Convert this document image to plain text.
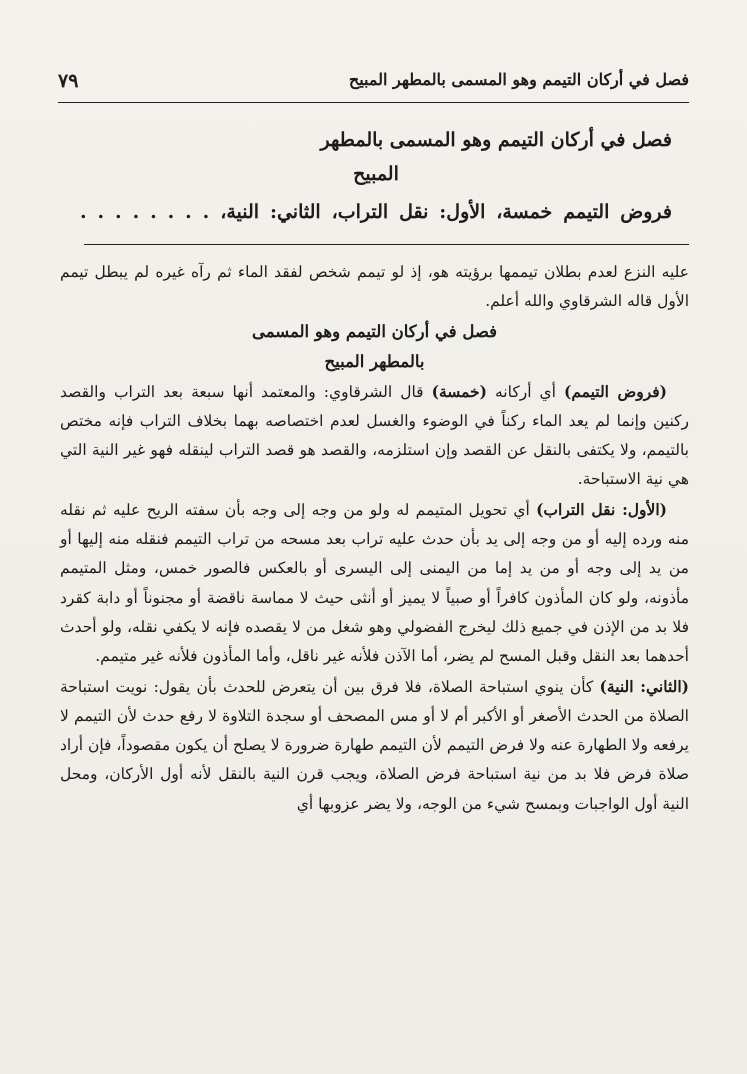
٧٩	فصل في أركان التيمم وهو المسمى بالمطهر المبيح

فصل في أركان التيمم وهو المسمى بالمطهر

المبيح

فروض التيمم خمسة، الأول: نقل التراب، الثاني: النية، . . . . . . . .

عليه النزع لعدم بطلان تيممها برؤيته هو، إذ لو تيمم شخص لفقد الماء ثم رآه غيره لم يبطل تيمم الأول قاله الشرقاوي والله أعلم.

فصل في أركان التيمم وهو المسمى

بالمطهر المبيح

(فروض التيمم) أي أركانه (خمسة) قال الشرقاوي: والمعتمد أنها سبعة بعد التراب والقصد ركنين وإنما لم يعد الماء ركناً في الوضوء والغسل لعدم اختصاصه بهما بخلاف التراب فإنه مختص بالتيمم، ولا يكتفى بالنقل عن القصد وإن استلزمه، والقصد هو قصد التراب لينقله فهو غير النية التي هي نية الاستباحة.

(الأول: نقل التراب) أي تحويل المتيمم له ولو من وجه إلى وجه بأن سفته الريح عليه ثم نقله منه ورده إليه أو من وجه إلى يد بأن حدث عليه تراب بعد مسحه من تراب التيمم فنقله منه إليها أو من يد إلى وجه أو من يد إما من اليمنى إلى اليسرى أو بالعكس فالصور خمس، ومثل المتيمم مأذونه، ولو كان المأذون كافراً أو صبياً لا يميز أو أنثى حيث لا مماسة ناقضة أو مجنوناً أو دابة كقرد فلا بد من الإذن في جميع ذلك ليخرج الفضولي وهو شغل من لا يقصده فإنه لا يكفي نقله، ولو أحدث أحدهما بعد النقل وقبل المسح لم يضر، أما الآذن فلأنه غير ناقل، وأما المأذون فلأنه غير متيمم.

(الثاني: النية) كأن ينوي استباحة الصلاة، فلا فرق بين أن يتعرض للحدث بأن يقول: نويت استباحة الصلاة من الحدث الأصغر أو الأكبر أم لا أو مس المصحف أو سجدة التلاوة لا رفع حدث لأن التيمم لا يرفعه ولا الطهارة عنه ولا فرض التيمم لأن التيمم طهارة ضرورة لا يصلح أن يكون مقصوداً، فإن أراد صلاة فرض فلا بد من نية استباحة فرض الصلاة، ويجب قرن النية بالنقل لأنه أول الأركان، ومحل النية أول الواجبات وبمسح شيء من الوجه، ولا يضر عزوبها أي
